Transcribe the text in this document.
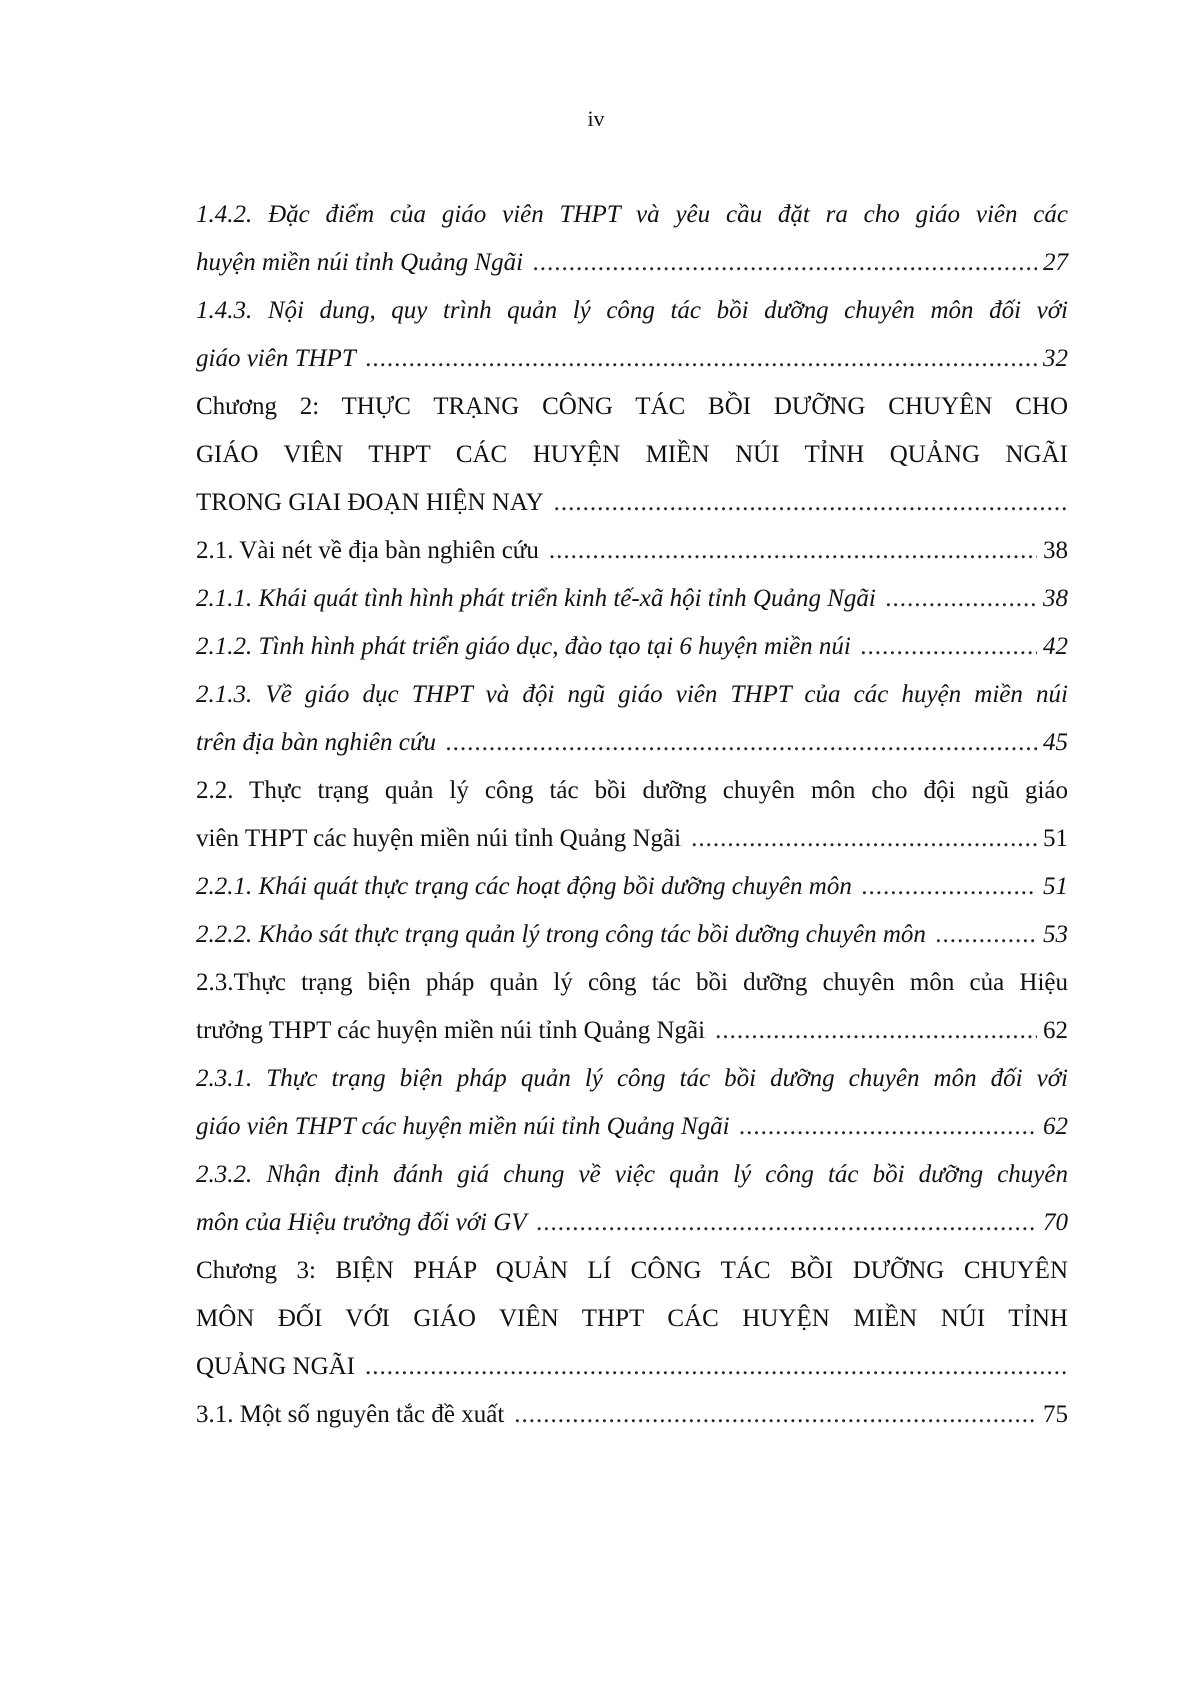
iv
1.4.2. Đặc điểm của giáo viên THPT và yêu cầu đặt ra cho giáo viên các
huyện miền núi tỉnh Quảng Ngãi .....	27
1.4.3. Nội dung, quy trình quản lý công tác bồi dưỡng chuyên môn đối với
giáo viên THPT .....	32
Chương 2: THỰC TRẠNG CÔNG TÁC BỒI DƯỠNG CHUYÊN CHO
GIÁO VIÊN THPT CÁC HUYỆN MIỀN NÚI TỈNH QUẢNG NGÃI
TRONG GIAI ĐOẠN HIỆN NAY
.....
2.1. Vài nét về địa bàn nghiên cứu .....	38
2.1.1. Khái quát tình hình phát triển kinh tế-xã hội tỉnh Quảng Ngãi .....	38
2.1.2. Tình hình phát triển giáo dục, đào tạo tại 6 huyện miền núi .....	42
2.1.3. Về giáo dục THPT và đội ngũ giáo viên THPT của các huyện miền núi
trên địa bàn nghiên cứu .....	45
2.2. Thực trạng quản lý công tác bồi dưỡng chuyên môn cho đội ngũ giáo
viên THPT các huyện miền núi tỉnh Quảng Ngãi .....	51
2.2.1. Khái quát thực trạng các hoạt động bồi dưỡng chuyên môn .....	51
2.2.2. Khảo sát thực trạng quản lý trong công tác bồi dưỡng chuyên môn .....	53
2.3.Thực trạng biện pháp quản lý công tác bồi dưỡng chuyên môn của Hiệu
trưởng THPT các huyện miền núi tỉnh Quảng Ngãi .....	62
2.3.1. Thực trạng biện pháp quản lý công tác bồi dưỡng chuyên môn đối với
giáo viên THPT các huyện miền núi tỉnh Quảng Ngãi .....	62
2.3.2. Nhận định đánh giá chung về việc quản lý công tác bồi dưỡng chuyên
môn của Hiệu trưởng đối với GV .....	70
Chương 3: BIỆN PHÁP QUẢN LÍ CÔNG TÁC BỒI DƯỠNG CHUYÊN
MÔN ĐỐI VỚI GIÁO VIÊN THPT CÁC HUYỆN MIỀN NÚI TỈNH
QUẢNG NGÃI
.....
3.1. Một số nguyên tắc đề xuất .....	75
